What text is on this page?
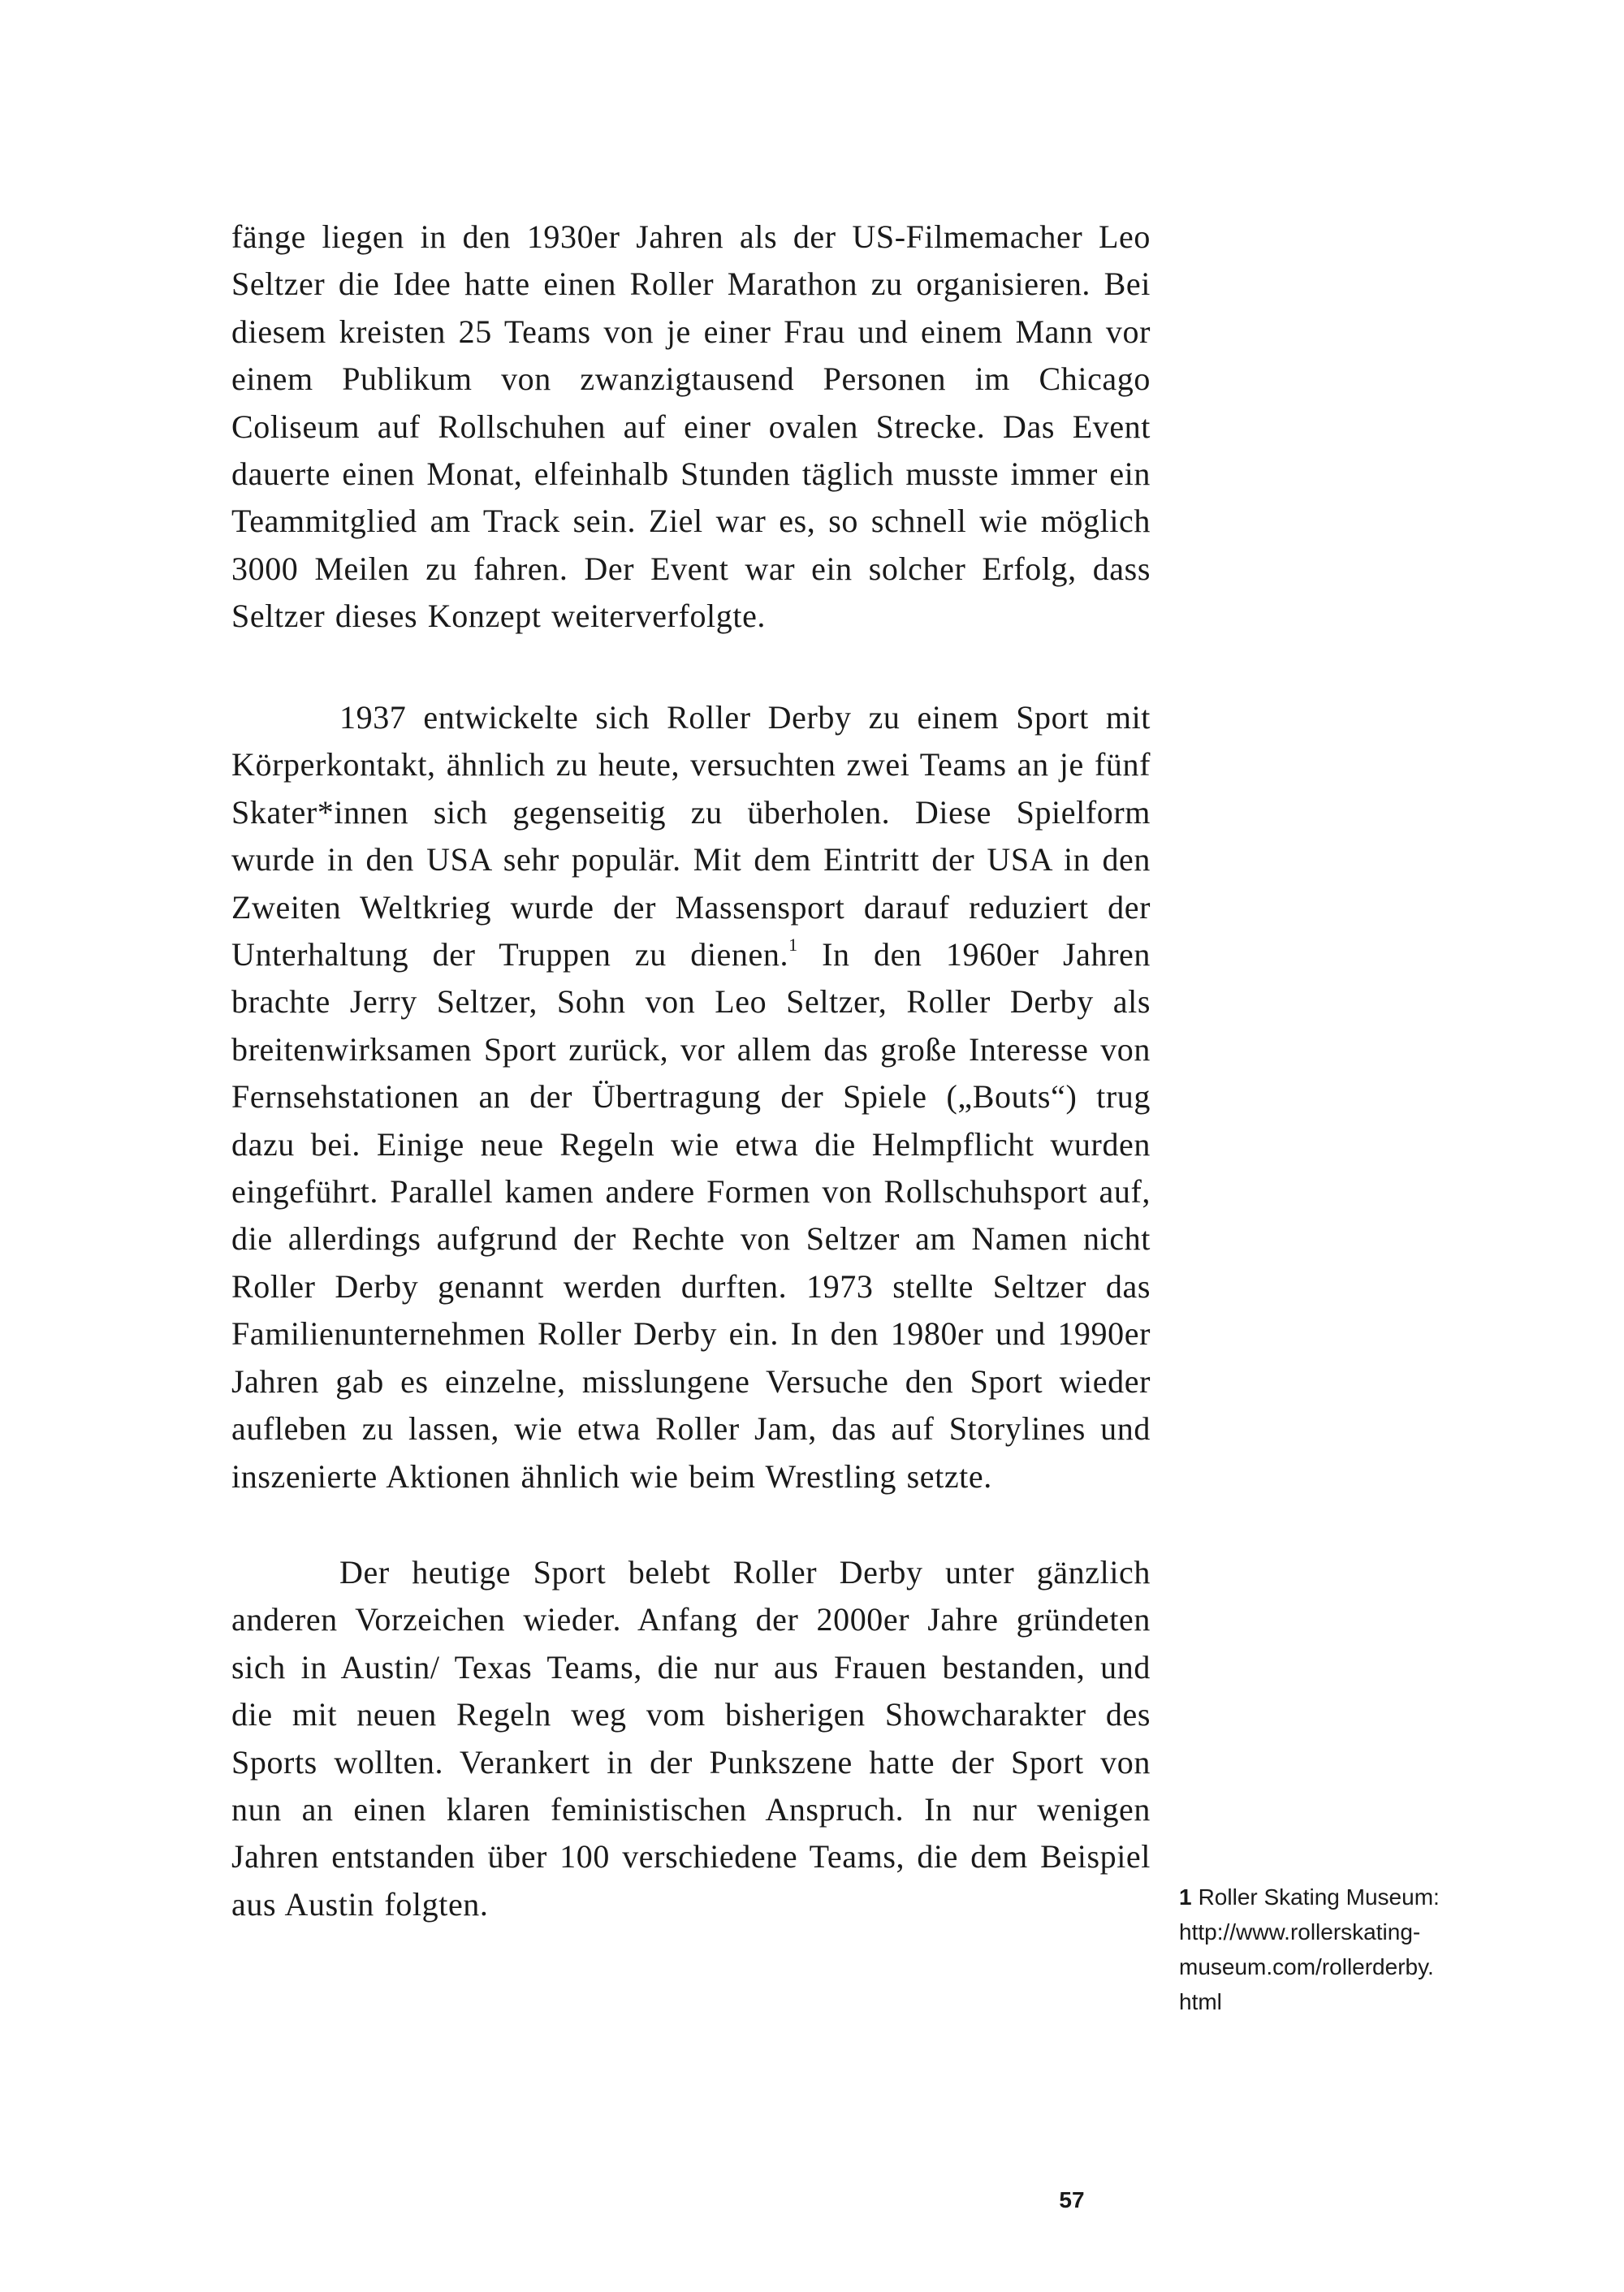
fänge liegen in den 1930er Jahren als der US-Filmemacher Leo Seltzer die Idee hatte einen Roller Marathon zu organisieren. Bei diesem kreisten 25 Teams von je einer Frau und einem Mann vor einem Publikum von zwanzigtausend Personen im Chicago Coliseum auf Rollschuhen auf einer ovalen Strecke. Das Event dauerte einen Monat, elfeinhalb Stunden täglich musste immer ein Teammitglied am Track sein. Ziel war es, so schnell wie möglich 3000 Meilen zu fahren. Der Event war ein solcher Erfolg, dass Seltzer dieses Konzept weiterverfolgte.

1937 entwickelte sich Roller Derby zu einem Sport mit Körperkontakt, ähnlich zu heute, versuchten zwei Teams an je fünf Skater*innen sich gegenseitig zu überholen. Diese Spielform wurde in den USA sehr populär. Mit dem Eintritt der USA in den Zweiten Weltkrieg wurde der Massensport darauf reduziert der Unterhaltung der Truppen zu dienen.$^1$ In den 1960er Jahren brachte Jerry Seltzer, Sohn von Leo Seltzer, Roller Derby als breitenwirksamen Sport zurück, vor allem das große Interesse von Fernsehstationen an der Übertragung der Spiele („Bouts“) trug dazu bei. Einige neue Regeln wie etwa die Helmpflicht wurden eingeführt. Parallel kamen andere Formen von Rollschuhsport auf, die allerdings aufgrund der Rechte von Seltzer am Namen nicht Roller Derby genannt werden durften. 1973 stellte Seltzer das Familienunternehmen Roller Derby ein. In den 1980er und 1990er Jahren gab es einzelne, misslungene Versuche den Sport wieder aufleben zu lassen, wie etwa Roller Jam, das auf Storylines und inszenierte Aktionen ähnlich wie beim Wrestling setzte.

Der heutige Sport belebt Roller Derby unter gänzlich anderen Vorzeichen wieder. Anfang der 2000er Jahre gründeten sich in Austin/ Texas Teams, die nur aus Frauen bestanden, und die mit neuen Regeln weg vom bisherigen Showcharakter des Sports wollten. Verankert in der Punkszene hatte der Sport von nun an einen klaren feministischen Anspruch. In nur wenigen Jahren entstanden über 100 verschiedene Teams, die dem Beispiel aus Austin folgten.	1 Roller Skating Museum:
http://www.rollerskating-
museum.com/rollerderby.
html

57
